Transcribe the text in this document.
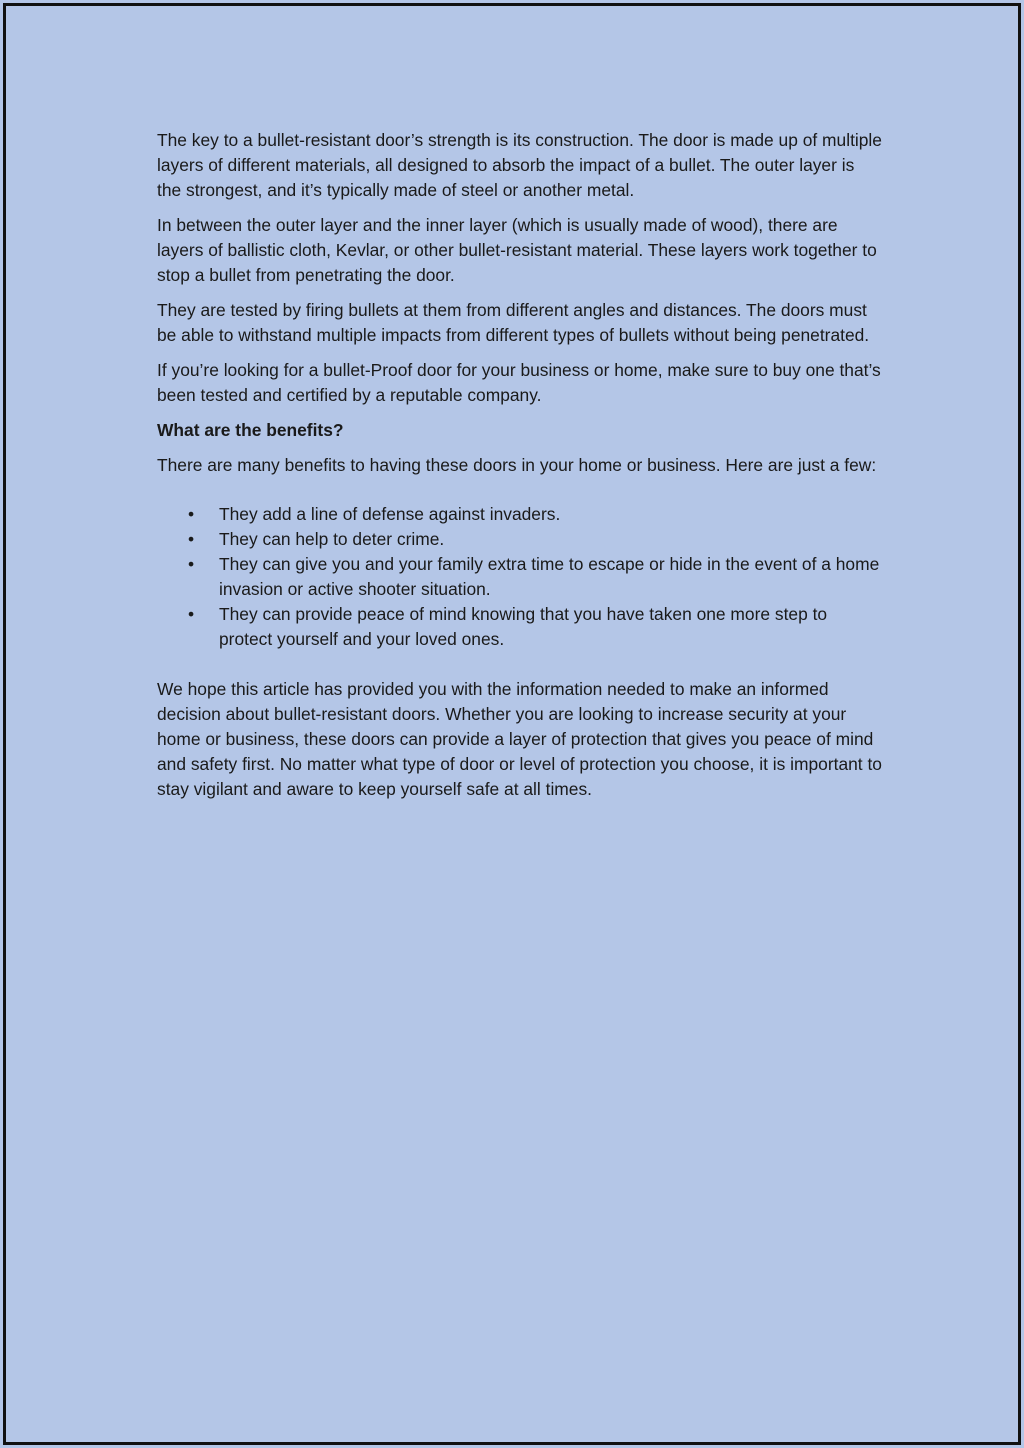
The key to a bullet-resistant door’s strength is its construction. The door is made up of multiple layers of different materials, all designed to absorb the impact of a bullet. The outer layer is the strongest, and it’s typically made of steel or another metal.

In between the outer layer and the inner layer (which is usually made of wood), there are layers of ballistic cloth, Kevlar, or other bullet-resistant material. These layers work together to stop a bullet from penetrating the door.

They are tested by firing bullets at them from different angles and distances. The doors must be able to withstand multiple impacts from different types of bullets without being penetrated.

If you’re looking for a bullet-Proof door for your business or home, make sure to buy one that’s been tested and certified by a reputable company.

What are the benefits?

There are many benefits to having these doors in your home or business. Here are just a few:

• They add a line of defense against invaders.
• They can help to deter crime.
• They can give you and your family extra time to escape or hide in the event of a home invasion or active shooter situation.
• They can provide peace of mind knowing that you have taken one more step to protect yourself and your loved ones.

We hope this article has provided you with the information needed to make an informed decision about bullet-resistant doors. Whether you are looking to increase security at your home or business, these doors can provide a layer of protection that gives you peace of mind and safety first. No matter what type of door or level of protection you choose, it is important to stay vigilant and aware to keep yourself safe at all times.
